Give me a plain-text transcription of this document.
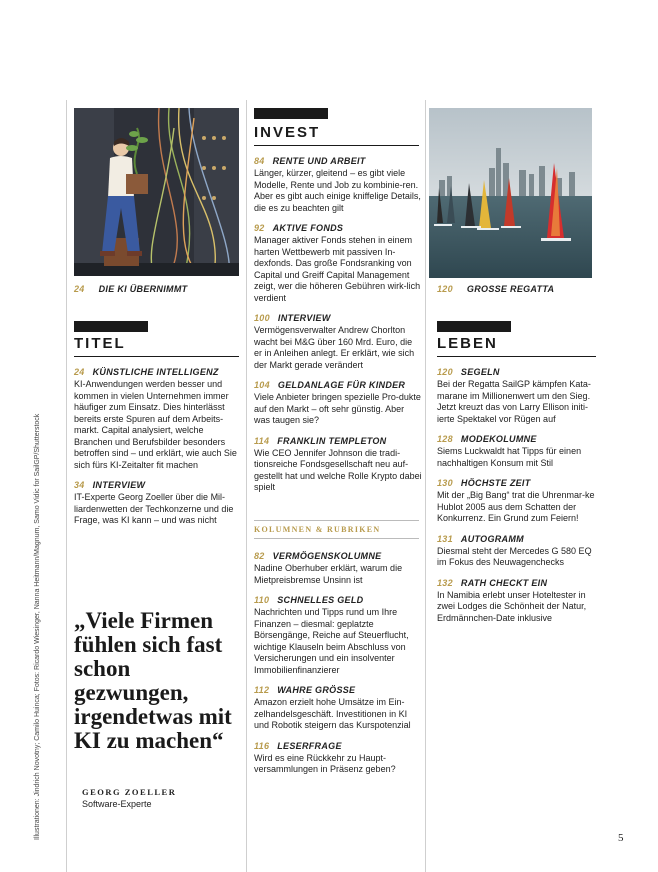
Illustrationen: Jindrich Novotny; Camilo Huinca; Fotos: Ricardo Wiesinger, Nanna Heitmann/Magnum, Samo Vidic for SailGP/Shutterstock
24 DIE KI ÜBERNIMMT
TITEL
24 KÜNSTLICHE INTELLIGENZ
KI-Anwendungen werden besser und kommen in vielen Unternehmen immer häufiger zum Einsatz. Dies hinterlässt bereits erste Spuren auf dem Arbeits-markt. Capital analysiert, welche Branchen und Berufsbilder besonders betroffen sind – und erklärt, wie auch Sie sich fürs KI-Zeitalter fit machen
34 INTERVIEW
IT-Experte Georg Zoeller über die Mil-liardenwetten der Techkonzerne und die Frage, was KI kann – und was nicht
„Viele Firmen fühlen sich fast schon gezwungen, irgendetwas mit KI zu machen“
GEORG ZOELLER
Software-Experte
INVEST
84 RENTE UND ARBEIT
Länger, kürzer, gleitend – es gibt viele Modelle, Rente und Job zu kombinie-ren. Aber es gibt auch einige kniffelige Details, die es zu beachten gilt
92 AKTIVE FONDS
Manager aktiver Fonds stehen in einem harten Wettbewerb mit passiven In-dexfonds. Das große Fondsranking von Capital und Greiff Capital Management zeigt, wer die höheren Gebühren wirk-lich verdient
100 INTERVIEW
Vermögensverwalter Andrew Chorlton wacht bei M&G über 160 Mrd. Euro, die er in Anleihen anlegt. Er erklärt, wie sich der Markt gerade verändert
104 GELDANLAGE FÜR KINDER
Viele Anbieter bringen spezielle Pro-dukte auf den Markt – oft sehr günstig. Aber was taugen sie?
114 FRANKLIN TEMPLETON
Wie CEO Jennifer Johnson die tradi-tionsreiche Fondsgesellschaft neu auf-gestellt hat und welche Rolle Krypto dabei spielt
KOLUMNEN & RUBRIKEN
82 VERMÖGENSKOLUMNE
Nadine Oberhuber erklärt, warum die Mietpreisbremse Unsinn ist
110 SCHNELLES GELD
Nachrichten und Tipps rund um Ihre Finanzen – diesmal: geplatzte Börsengänge, Reiche auf Steuerflucht, wichtige Klauseln beim Abschluss von Versicherungen und ein insolventer Immobilienfinanzierer
112 WAHRE GRÖSSE
Amazon erzielt hohe Umsätze im Ein-zelhandelsgeschäft. Investitionen in KI und Robotik steigern das Kurspotenzial
116 LESERFRAGE
Wird es eine Rückkehr zu Haupt-versammlungen in Präsenz geben?
120 GROSSE REGATTA
LEBEN
120 SEGELN
Bei der Regatta SailGP kämpfen Kata-marane im Millionenwert um den Sieg. Jetzt kreuzt das von Larry Ellison initi-ierte Spektakel vor Rügen auf
128 MODEKOLUMNE
Siems Luckwaldt hat Tipps für einen nachhaltigen Konsum mit Stil
130 HÖCHSTE ZEIT
Mit der „Big Bang“ trat die Uhrenmar-ke Hublot 2005 aus dem Schatten der Konkurrenz. Ein Grund zum Feiern!
131 AUTOGRAMM
Diesmal steht der Mercedes G 580 EQ im Fokus des Neuwagenchecks
132 RATH CHECKT EIN
In Namibia erlebt unser Hoteltester in zwei Lodges die Schönheit der Natur, Erdmännchen-Date inklusive
5
